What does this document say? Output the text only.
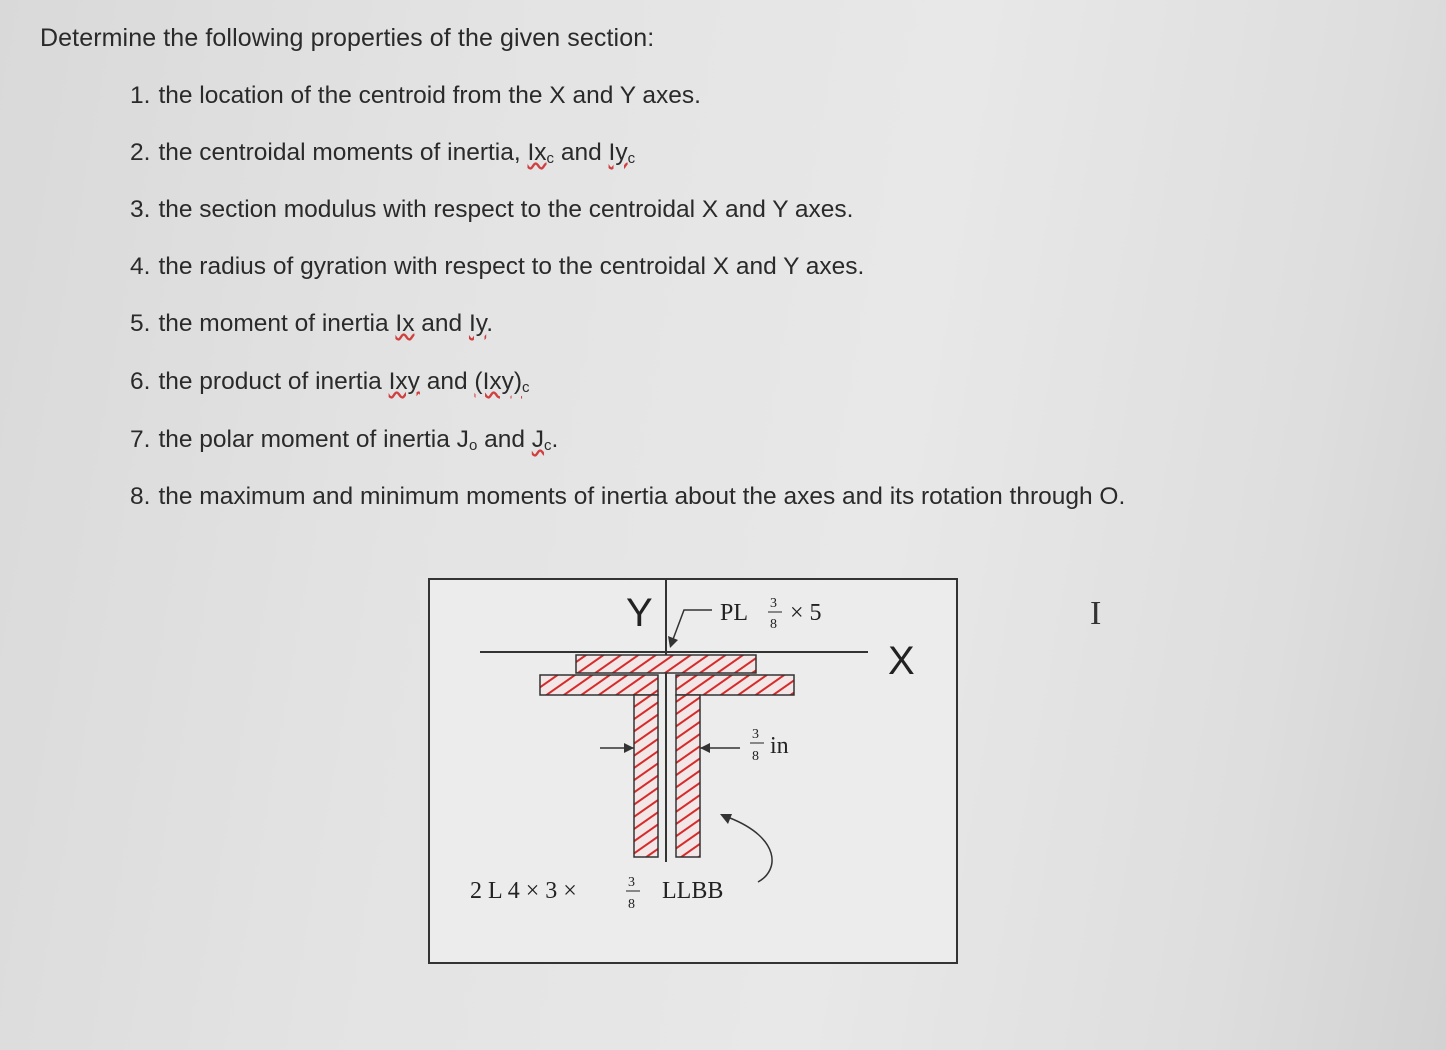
Determine the following properties of the given section:
1. the location of the centroid from the X and Y axes.
2. the centroidal moments of inertia, $Ix_c$ and $Iy_c$
3. the section modulus with respect to the centroidal X and Y axes.
4. the radius of gyration with respect to the centroidal X and Y axes.
5. the moment of inertia Ix and Iy.
6. the product of inertia Ixy and $(Ixy)_c$
7. the polar moment of inertia $J_o$ and $J_c$.
8. the maximum and minimum moments of inertia about the axes and its rotation through O.
Y
X
PL 3
8 × 5
3
8 in
2 L 4 × 3 ×	3
8
LLBB
I
